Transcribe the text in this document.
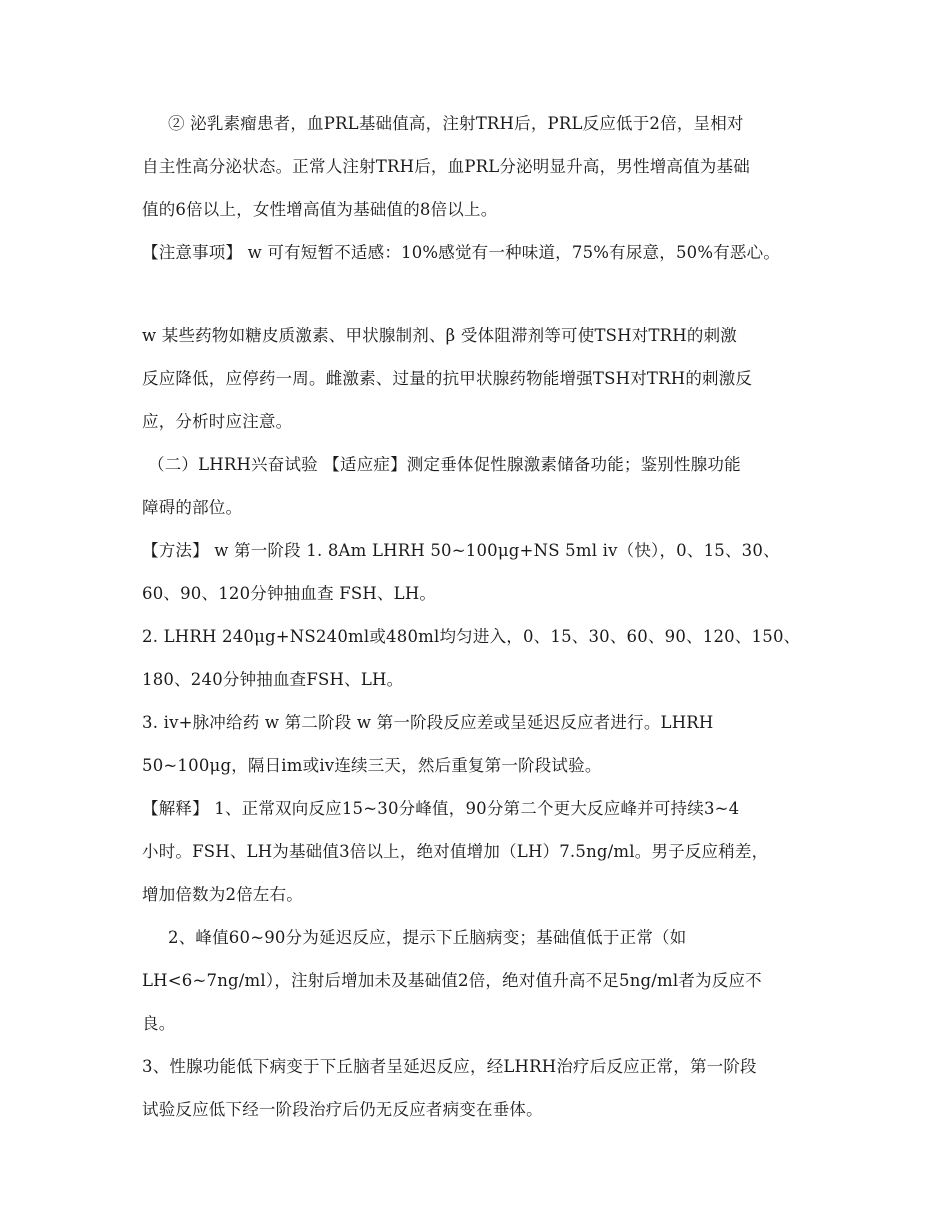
② 泌乳素瘤患者，血PRL基础值高，注射TRH后，PRL反应低于2倍，呈相对
自主性高分泌状态。正常人注射TRH后，血PRL分泌明显升高，男性增高值为基础
值的6倍以上，女性增高值为基础值的8倍以上。
【注意事项】 w 可有短暂不适感：10%感觉有一种味道，75%有尿意，50%有恶心。
w 某些药物如糖皮质激素、甲状腺制剂、β 受体阻滞剂等可使TSH对TRH的刺激
反应降低，应停药一周。雌激素、过量的抗甲状腺药物能增强TSH对TRH的刺激反
应，分析时应注意。
（二）LHRH兴奋试验 【适应症】测定垂体促性腺激素储备功能；鉴别性腺功能
障碍的部位。
【方法】 w 第一阶段 1. 8Am LHRH 50~100μg+NS 5ml iv（快），0、15、30、
60、90、120分钟抽血查 FSH、LH。
2. LHRH 240μg+NS240ml或480ml均匀进入，0、15、30、60、90、120、150、
180、240分钟抽血查FSH、LH。
3. iv+脉冲给药 w 第二阶段 w 第一阶段反应差或呈延迟反应者进行。LHRH
50~100μg，隔日im或iv连续三天，然后重复第一阶段试验。
【解释】 1、正常双向反应15~30分峰值，90分第二个更大反应峰并可持续3~4
小时。FSH、LH为基础值3倍以上，绝对值增加（LH）7.5ng/ml。男子反应稍差，
增加倍数为2倍左右。
2、峰值60~90分为延迟反应，提示下丘脑病变；基础值低于正常（如
LH<6~7ng/ml），注射后增加未及基础值2倍，绝对值升高不足5ng/ml者为反应不
良。
3、性腺功能低下病变于下丘脑者呈延迟反应，经LHRH治疗后反应正常，第一阶段
试验反应低下经一阶段治疗后仍无反应者病变在垂体。
